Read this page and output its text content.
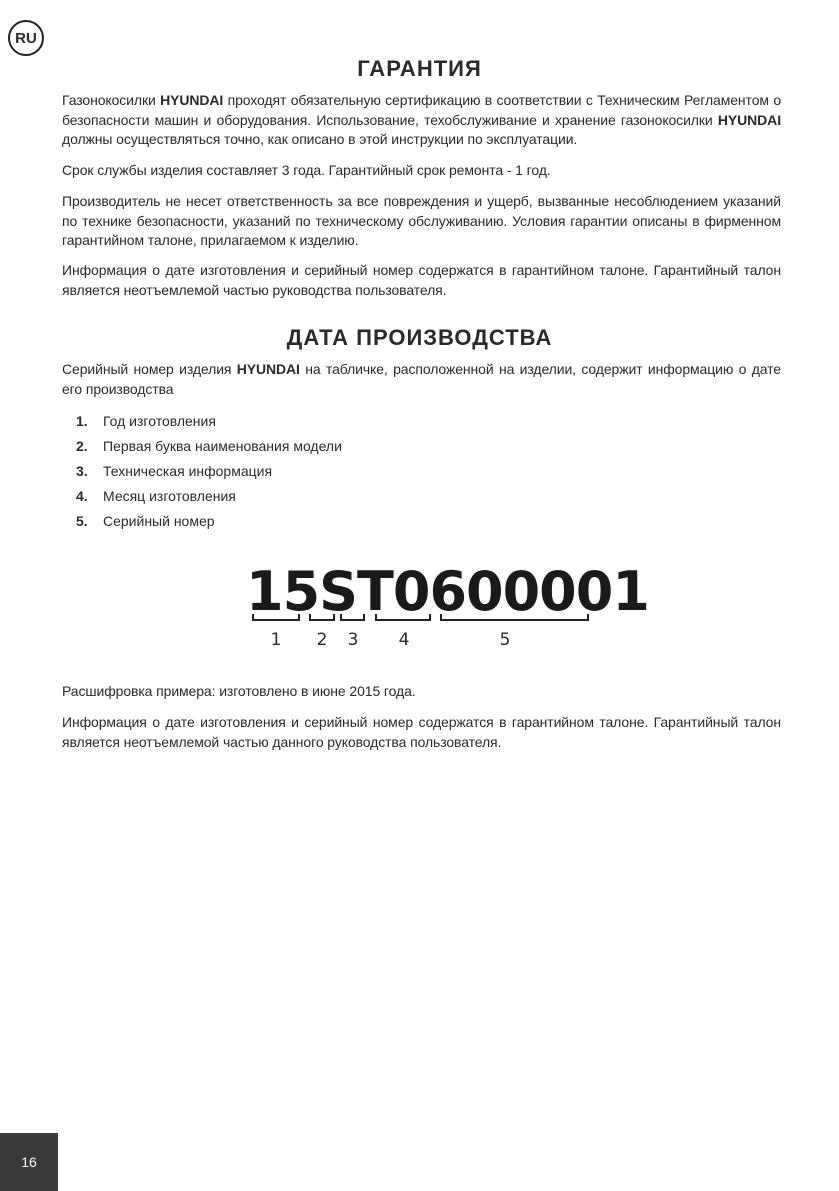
RU
ГАРАНТИЯ

Газонокосилки HYUNDAI проходят обязательную сертификацию в соответствии с Техническим Регламентом о безопасности машин и оборудования. Использование, техобслуживание и хранение газонокосилки HYUNDAI должны осуществляться точно, как описано в этой инструкции по эксплуатации.

Срок службы изделия составляет 3 года. Гарантийный срок ремонта - 1 год.

Производитель не несет ответственность за все повреждения и ущерб, вызванные несоблюдением указаний по технике безопасности, указаний по техническому обслуживанию. Условия гарантии описаны в фирменном гарантийном талоне, прилагаемом к изделию.

Информация о дате изготовления и серийный номер содержатся в гарантийном талоне. Гарантийный талон является неотъемлемой частью руководства пользователя.

ДАТА ПРОИЗВОДСТВА

Серийный номер изделия HYUNDAI на табличке, расположенной на изделии, содержит информацию о дате его производства

1.	Год изготовления
2.	Первая буква наименования модели
3.	Техническая информация
4.	Месяц изготовления
5.	Серийный номер
15ST0600001
1	2	3	4	5

Расшифровка примера: изготовлено в июне 2015 года.

Информация о дате изготовления и серийный номер содержатся в гарантийном талоне. Гарантийный талон является неотъемлемой частью данного руководства пользователя.

16
